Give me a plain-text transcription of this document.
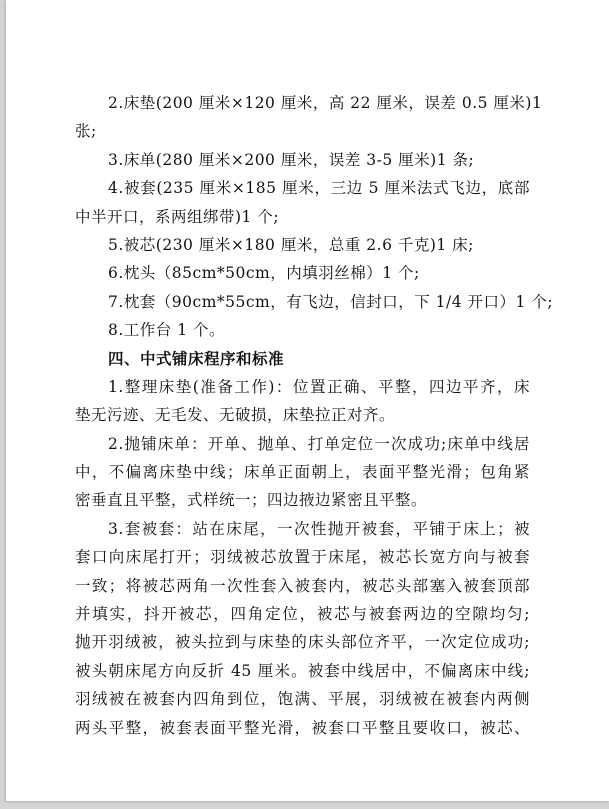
2.床垫(200 厘米×120 厘米，高 22 厘米，误差 0.5 厘米)1
张;
3.床单(280 厘米×200 厘米，误差 3-5 厘米)1 条;
4.被套(235 厘米×185 厘米，三边 5 厘米法式飞边，底部
中半开口，系两组绑带)1 个;
5.被芯(230 厘米×180 厘米，总重 2.6 千克)1 床;
6.枕头（85cm*50cm，内填羽丝棉）1 个;
7.枕套（90cm*55cm，有飞边，信封口，下 1/4 开口）1 个;
8.工作台 1 个。
四、中式铺床程序和标准
1.整理床垫(准备工作)：位置正确、平整，四边平齐，床
垫无污迹、无毛发、无破损，床垫拉正对齐。
2.抛铺床单：开单、抛单、打单定位一次成功;床单中线居
中，不偏离床垫中线；床单正面朝上，表面平整光滑；包角紧
密垂直且平整，式样统一；四边掖边紧密且平整。
3.套被套：站在床尾，一次性抛开被套，平铺于床上；被
套口向床尾打开；羽绒被芯放置于床尾，被芯长宽方向与被套
一致；将被芯两角一次性套入被套内，被芯头部塞入被套顶部
并填实，抖开被芯，四角定位，被芯与被套两边的空隙均匀;
抛开羽绒被，被头拉到与床垫的床头部位齐平，一次定位成功;
被头朝床尾方向反折 45 厘米。被套中线居中，不偏离床中线;
羽绒被在被套内四角到位，饱满、平展，羽绒被在被套内两侧
两头平整，被套表面平整光滑，被套口平整且要收口，被芯、
